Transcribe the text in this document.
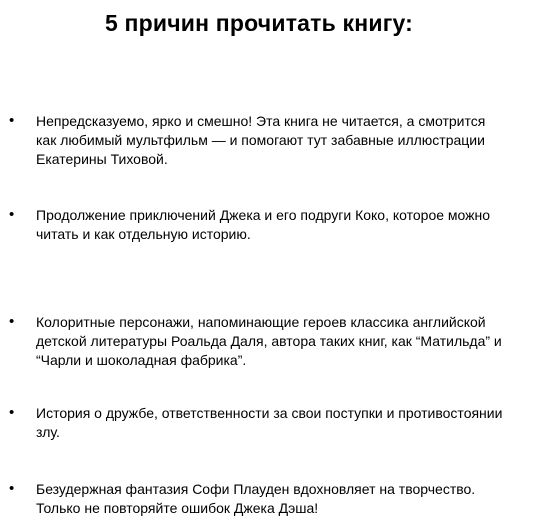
5 причин прочитать книгу:
• Непредсказуемо, ярко и смешно! Эта книга не читается, а смотрится
как любимый мультфильм — и помогают тут забавные иллюстрации
Екатерины Тиховой.
• Продолжение приключений Джека и его подруги Коко, которое можно
читать и как отдельную историю.
• Колоритные персонажи, напоминающие героев классика английской
детской литературы Роальда Даля, автора таких книг, как “Матильда” и
“Чарли и шоколадная фабрика”.
• История о дружбе, ответственности за свои поступки и противостоянии
злу.
• Безудержная фантазия Софи Плауден вдохновляет на творчество.
Только не повторяйте ошибок Джека Дэша!
